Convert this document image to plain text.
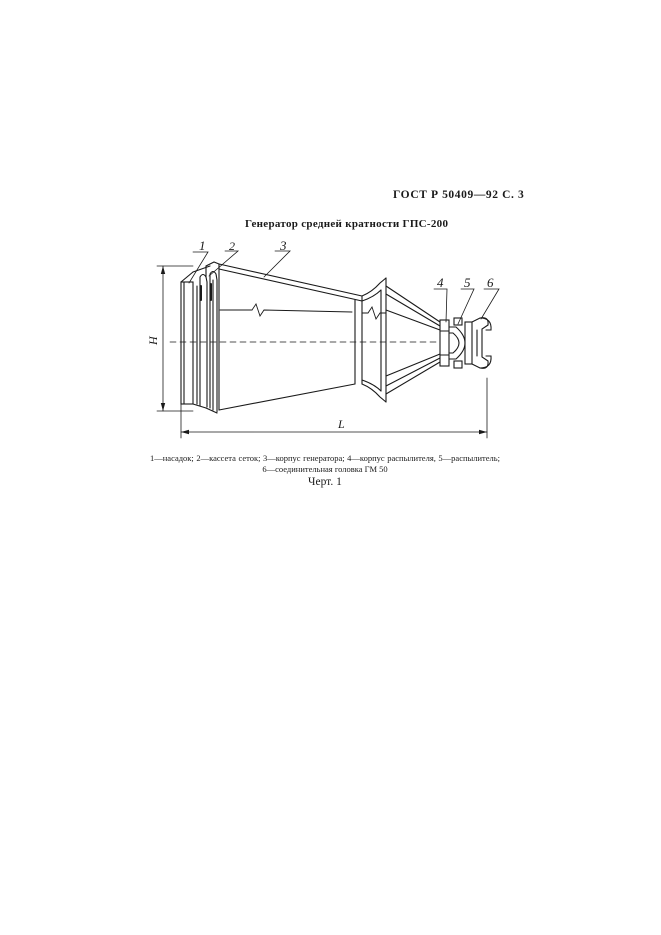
ГОСТ Р 50409—92 С. 3
Генератор средней кратности ГПС-200
1 2	3
4 5 6
H
L
1—насадок; 2—кассета сеток; 3—корпус генератора; 4—корпус распылителя, 5—распылитель; 6—соединительная головка ГМ 50
Черт. 1
